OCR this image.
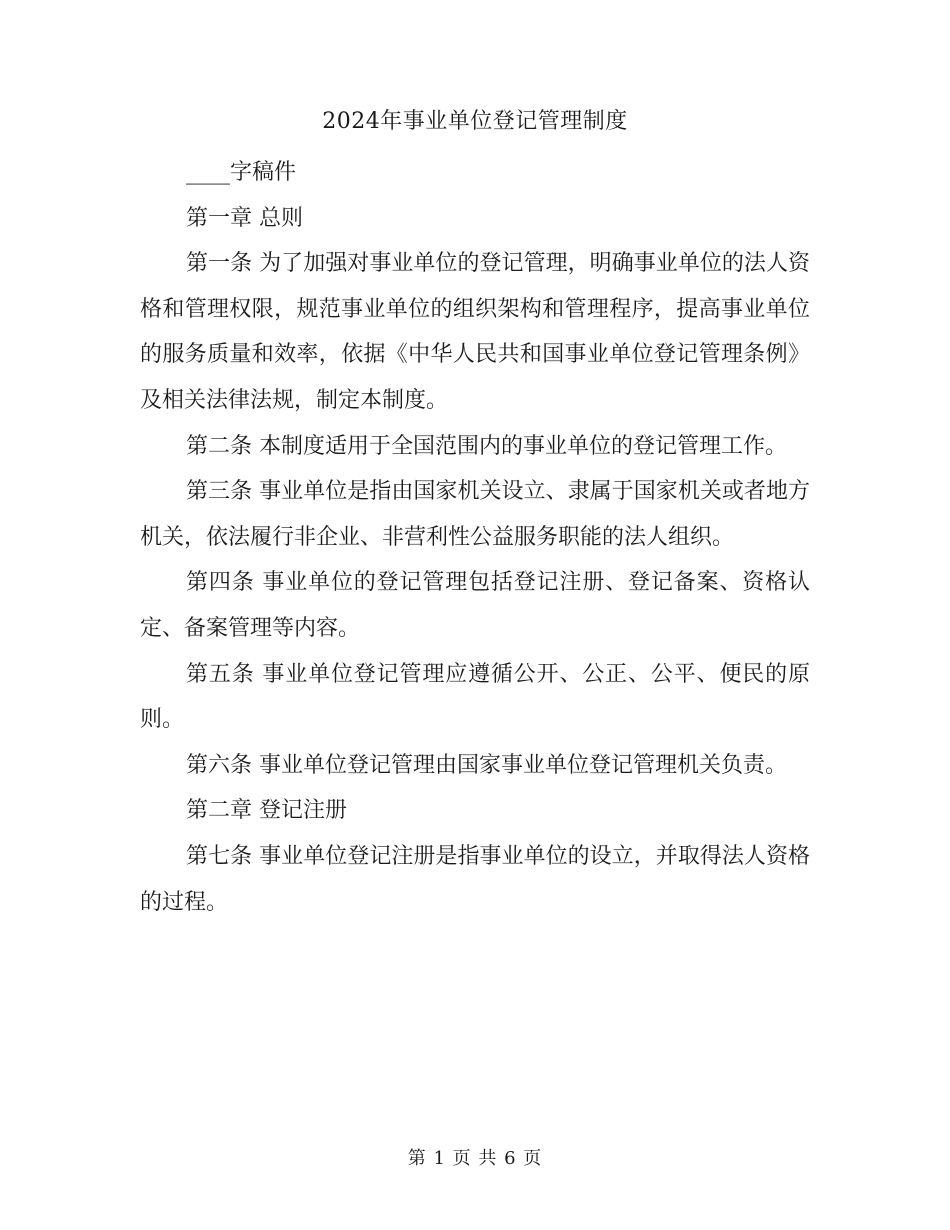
2024年事业单位登记管理制度

____字稿件

第一章 总则

第一条 为了加强对事业单位的登记管理，明确事业单位的法人资格和管理权限，规范事业单位的组织架构和管理程序，提高事业单位的服务质量和效率，依据《中华人民共和国事业单位登记管理条例》及相关法律法规，制定本制度。

第二条 本制度适用于全国范围内的事业单位的登记管理工作。

第三条 事业单位是指由国家机关设立、隶属于国家机关或者地方机关，依法履行非企业、非营利性公益服务职能的法人组织。

第四条 事业单位的登记管理包括登记注册、登记备案、资格认定、备案管理等内容。

第五条 事业单位登记管理应遵循公开、公正、公平、便民的原则。

第六条 事业单位登记管理由国家事业单位登记管理机关负责。

第二章 登记注册

第七条 事业单位登记注册是指事业单位的设立，并取得法人资格的过程。

第 1 页 共 6 页
